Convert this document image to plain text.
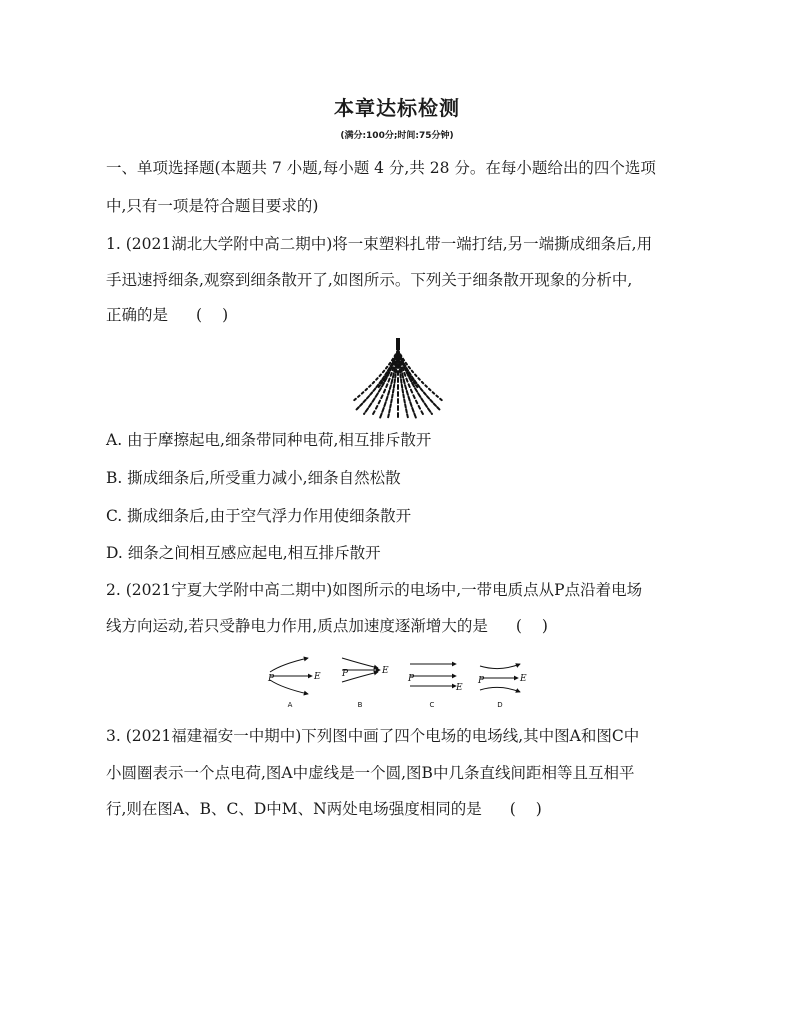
本章达标检测
(满分:100分;时间:75分钟)
一、单项选择题(本题共 7 小题,每小题 4 分,共 28 分。在每小题给出的四个选项
中,只有一项是符合题目要求的)
1. (2021湖北大学附中高二期中)将一束塑料扎带一端打结,另一端撕成细条后,用
手迅速捋细条,观察到细条散开了,如图所示。下列关于细条散开现象的分析中,
正确的是 ()
A. 由于摩擦起电,细条带同种电荷,相互排斥散开
B. 撕成细条后,所受重力减小,细条自然松散
C. 撕成细条后,由于空气浮力作用使细条散开
D. 细条之间相互感应起电,相互排斥散开
2. (2021宁夏大学附中高二期中)如图所示的电场中,一带电质点从P点沿着电场
线方向运动,若只受静电力作用,质点加速度逐渐增大的是 ()
P	E P	E
P
E
P	E
A	B	C	D
3. (2021福建福安一中期中)下列图中画了四个电场的电场线,其中图A和图C中
小圆圈表示一个点电荷,图A中虚线是一个圆,图B中几条直线间距相等且互相平
行,则在图A、B、C、D中M、N两处电场强度相同的是 ()
